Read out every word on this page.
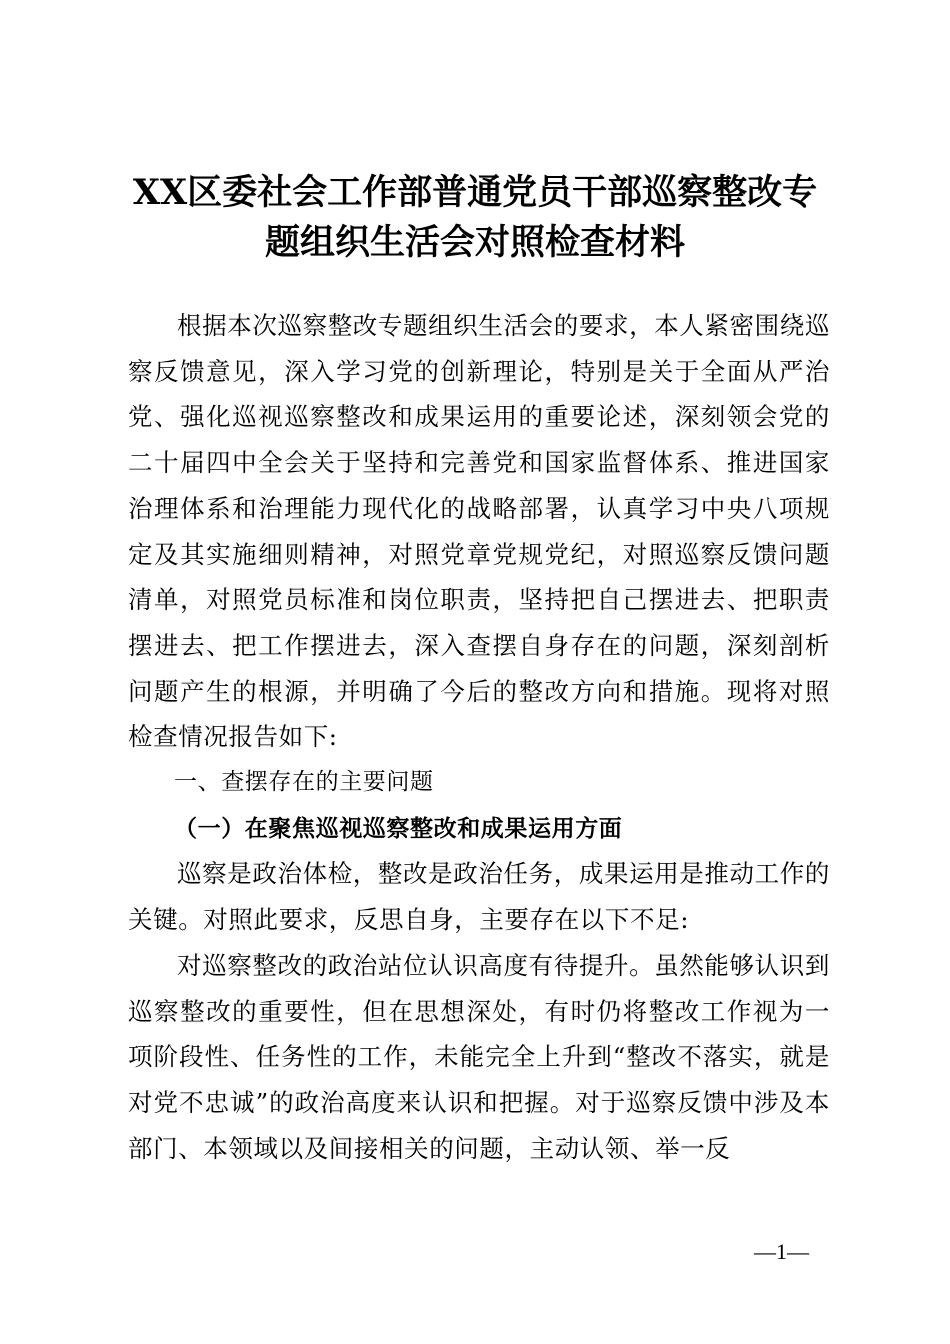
XX区委社会工作部普通党员干部巡察整改专
题组织生活会对照检查材料

根据本次巡察整改专题组织生活会的要求，本人紧密围绕巡察反馈意见，深入学习党的创新理论，特别是关于全面从严治党、强化巡视巡察整改和成果运用的重要论述，深刻领会党的二十届四中全会关于坚持和完善党和国家监督体系、推进国家治理体系和治理能力现代化的战略部署，认真学习中央八项规定及其实施细则精神，对照党章党规党纪，对照巡察反馈问题清单，对照党员标准和岗位职责，坚持把自己摆进去、把职责摆进去、把工作摆进去，深入查摆自身存在的问题，深刻剖析问题产生的根源，并明确了今后的整改方向和措施。现将对照检查情况报告如下:

一、查摆存在的主要问题

（一）在聚焦巡视巡察整改和成果运用方面

巡察是政治体检，整改是政治任务，成果运用是推动工作的关键。对照此要求，反思自身，主要存在以下不足:

对巡察整改的政治站位认识高度有待提升。虽然能够认识到巡察整改的重要性，但在思想深处，有时仍将整改工作视为一项阶段性、任务性的工作，未能完全上升到“整改不落实，就是对党不忠诚”的政治高度来认识和把握。对于巡察反馈中涉及本部门、本领域以及间接相关的问题，主动认领、举一反

—1—
